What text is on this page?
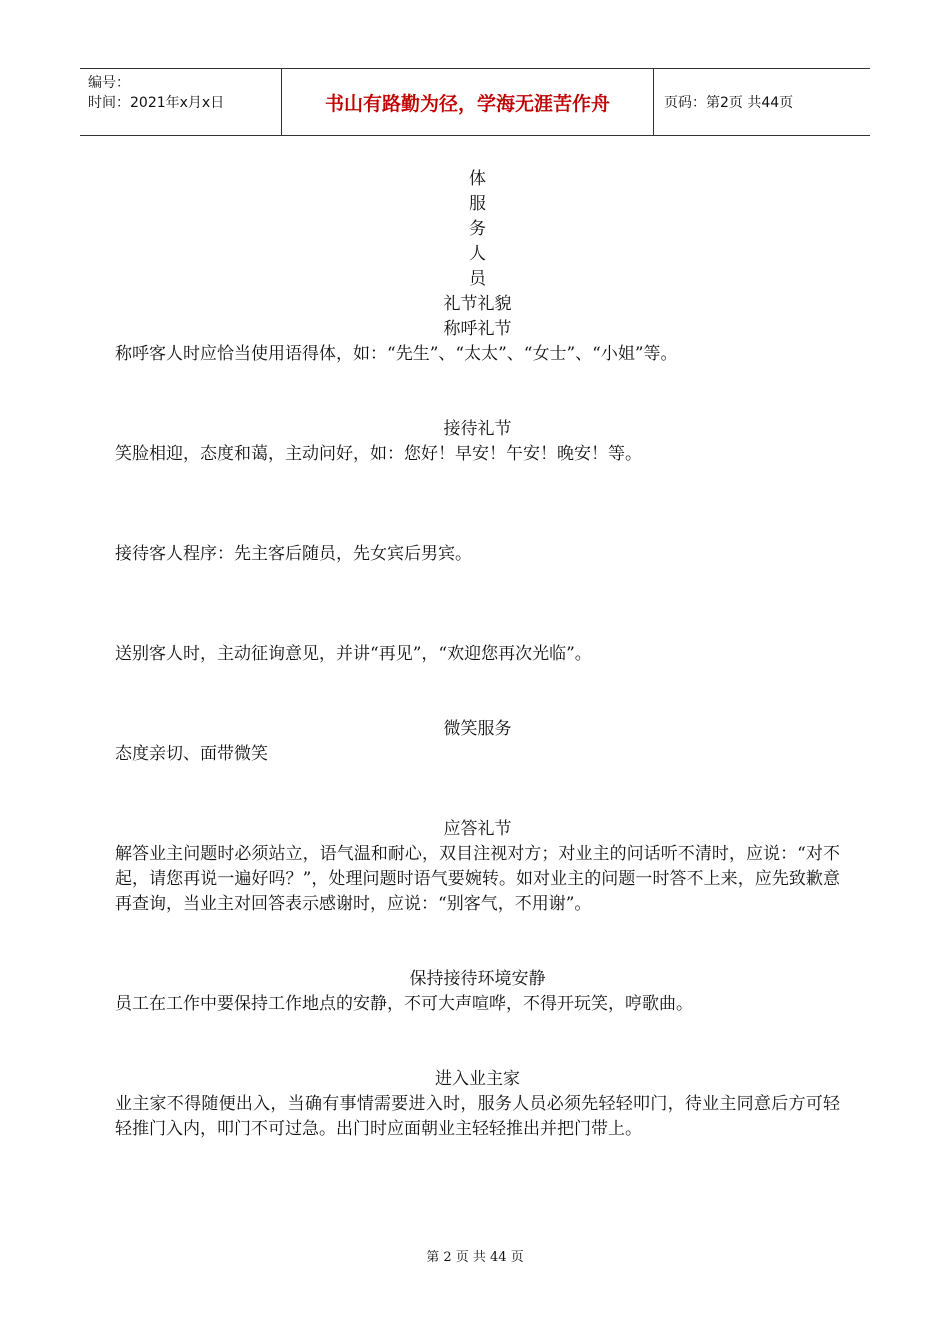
编号：
时间：2021年x月x日	书山有路勤为径，学海无涯苦作舟	页码：第2页 共44页
体
服
务
人
员
礼节礼貌
称呼礼节
称呼客人时应恰当使用语得体，如：“先生”、“太太”、“女士”、“小姐”等。
接待礼节
笑脸相迎，态度和蔼，主动问好，如：您好！早安！午安！晚安！等。
接待客人程序：先主客后随员，先女宾后男宾。
送别客人时，主动征询意见，并讲“再见”，“欢迎您再次光临”。
微笑服务
态度亲切、面带微笑
应答礼节
解答业主问题时必须站立，语气温和耐心，双目注视对方；对业主的问话听不清时，应说：“对不起，请您再说一遍好吗？”，处理问题时语气要婉转。如对业主的问题一时答不上来，应先致歉意再查询，当业主对回答表示感谢时，应说：“别客气，不用谢”。
保持接待环境安静
员工在工作中要保持工作地点的安静，不可大声喧哗，不得开玩笑，哼歌曲。
进入业主家
业主家不得随便出入，当确有事情需要进入时，服务人员必须先轻轻叩门，待业主同意后方可轻轻推门入内，叩门不可过急。出门时应面朝业主轻轻推出并把门带上。
第 2 页 共 44 页
